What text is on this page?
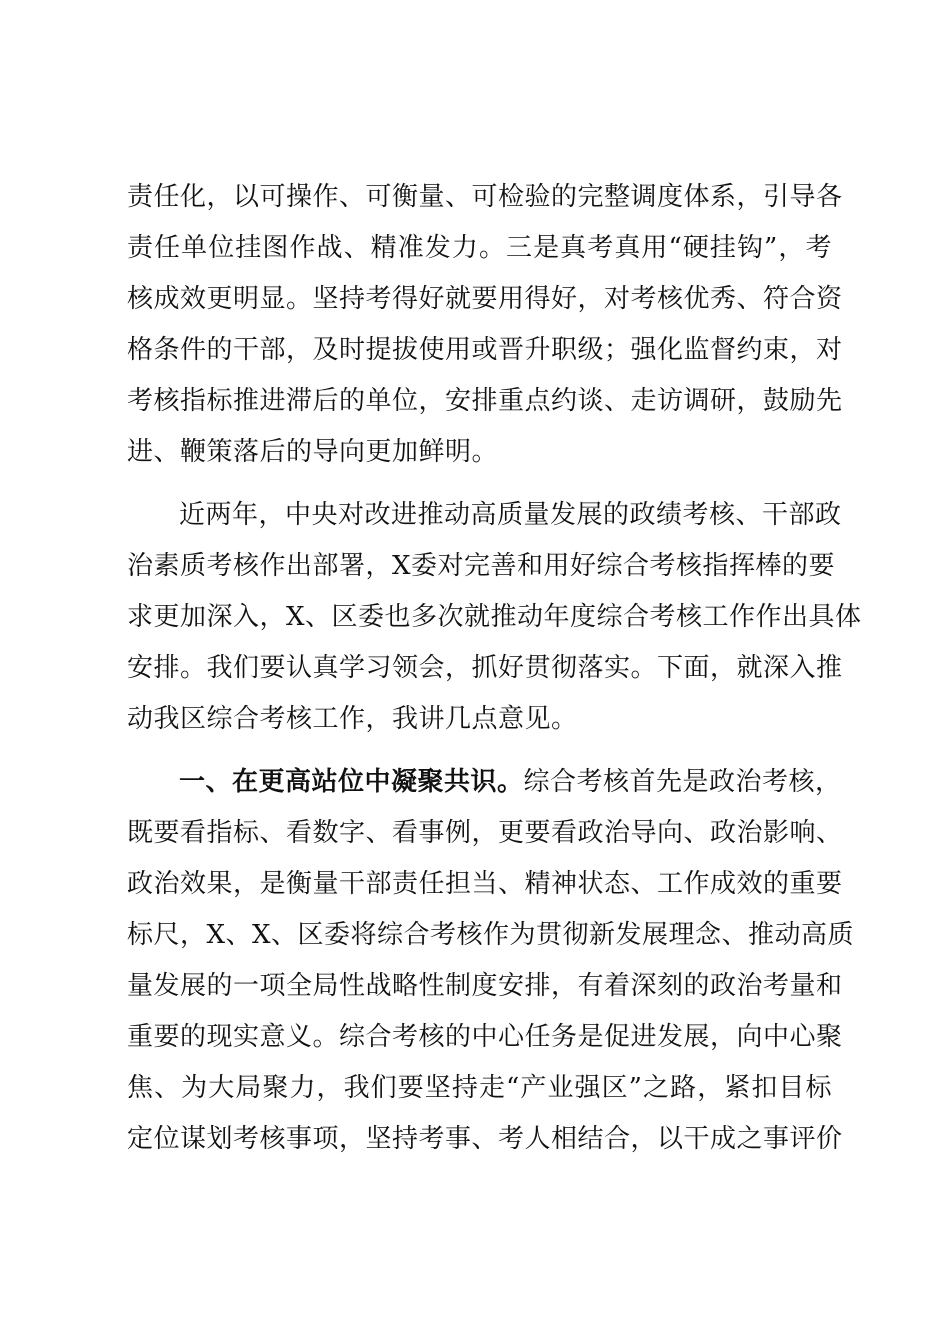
责任化，以可操作、可衡量、可检验的完整调度体系，引导各
责任单位挂图作战、精准发力。三是真考真用“硬挂钩”，考
核成效更明显。坚持考得好就要用得好，对考核优秀、符合资
格条件的干部，及时提拔使用或晋升职级；强化监督约束，对
考核指标推进滞后的单位，安排重点约谈、走访调研，鼓励先
进、鞭策落后的导向更加鲜明。
近两年，中央对改进推动高质量发展的政绩考核、干部政
治素质考核作出部署，X委对完善和用好综合考核指挥棒的要
求更加深入，X、区委也多次就推动年度综合考核工作作出具体
安排。我们要认真学习领会，抓好贯彻落实。下面，就深入推
动我区综合考核工作，我讲几点意见。
一、在更高站位中凝聚共识。综合考核首先是政治考核，
既要看指标、看数字、看事例，更要看政治导向、政治影响、
政治效果，是衡量干部责任担当、精神状态、工作成效的重要
标尺，X、X、区委将综合考核作为贯彻新发展理念、推动高质
量发展的一项全局性战略性制度安排，有着深刻的政治考量和
重要的现实意义。综合考核的中心任务是促进发展，向中心聚
焦、为大局聚力，我们要坚持走“产业强区”之路，紧扣目标
定位谋划考核事项，坚持考事、考人相结合，以干成之事评价
